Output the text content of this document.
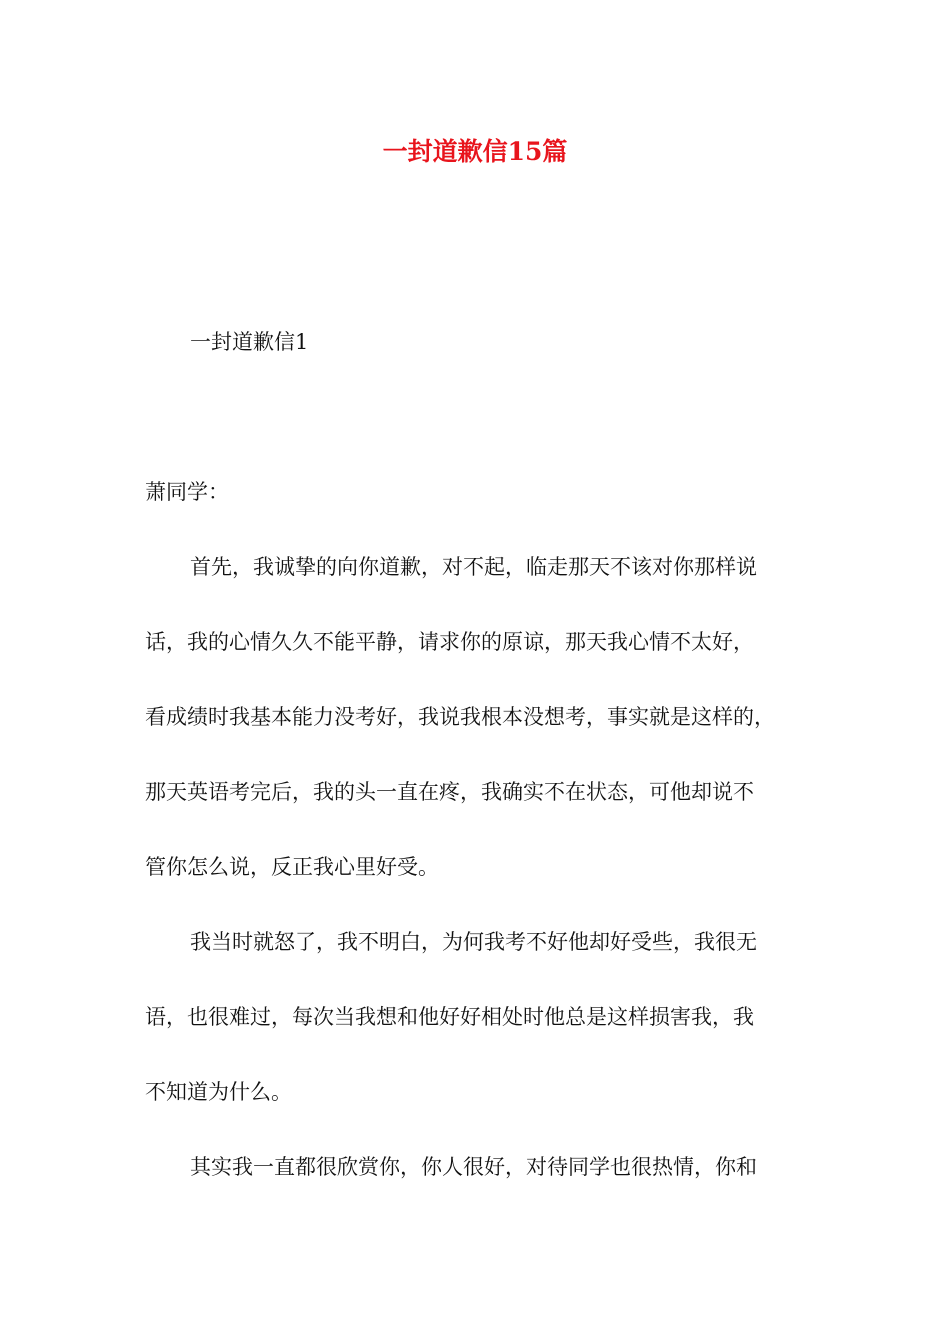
一封道歉信15篇

一封道歉信1

萧同学：

首先，我诚挚的向你道歉，对不起，临走那天不该对你那样说

话，我的心情久久不能平静，请求你的原谅，那天我心情不太好，

看成绩时我基本能力没考好，我说我根本没想考，事实就是这样的，

那天英语考完后，我的头一直在疼，我确实不在状态，可他却说不

管你怎么说，反正我心里好受。

我当时就怒了，我不明白，为何我考不好他却好受些，我很无

语，也很难过，每次当我想和他好好相处时他总是这样损害我，我

不知道为什么。

其实我一直都很欣赏你，你人很好，对待同学也很热情，你和
